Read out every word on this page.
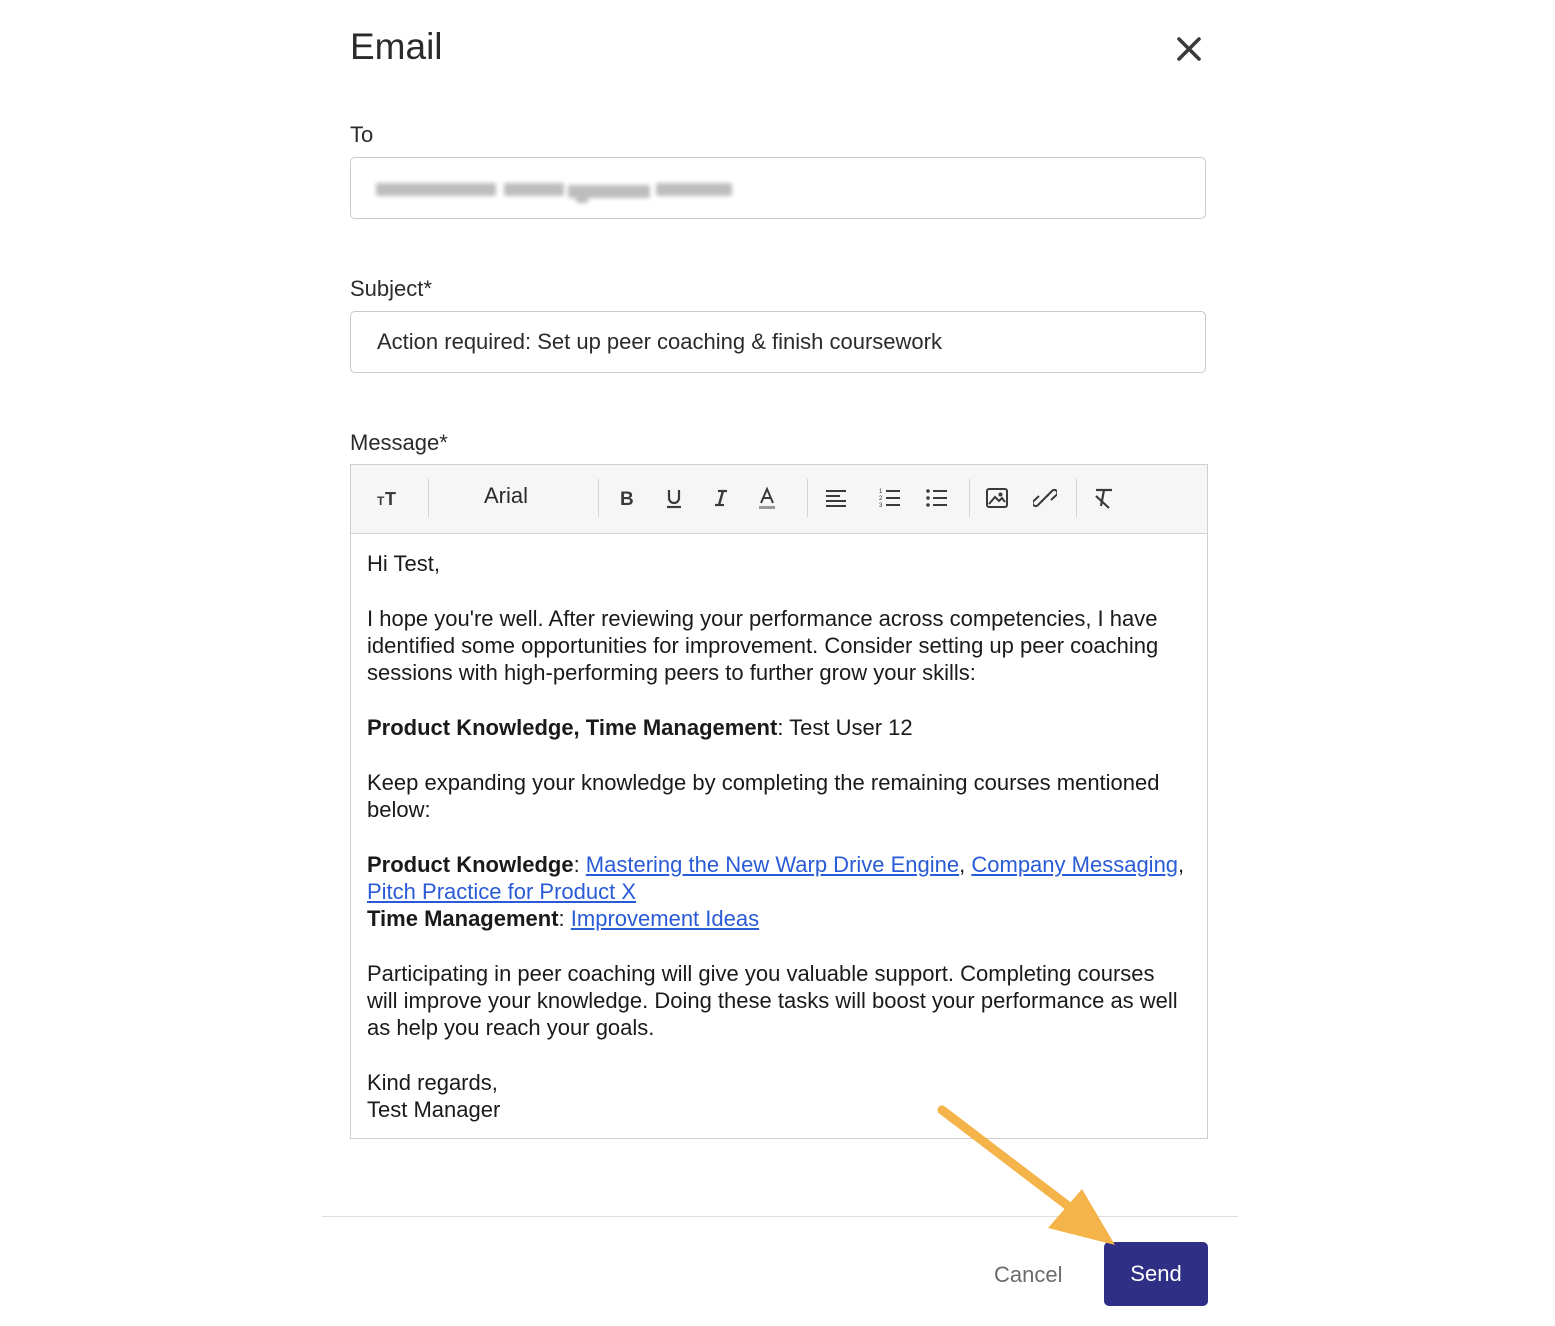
Email
To
Subject*
Action required: Set up peer coaching & finish coursework
Message*
T T	Arial	B	1
2
3

Hi Test,

I hope you're well. After reviewing your performance across competencies, I have identified some opportunities for improvement. Consider setting up peer coaching sessions with high-performing peers to further grow your skills:

Product Knowledge, Time Management: Test User 12

Keep expanding your knowledge by completing the remaining courses mentioned below:

Product Knowledge: Mastering the New Warp Drive Engine, Company Messaging, Pitch Practice for Product X
Time Management: Improvement Ideas

Participating in peer coaching will give you valuable support. Completing courses will improve your knowledge. Doing these tasks will boost your performance as well as help you reach your goals.

Kind regards,
Test Manager

Cancel	Send
